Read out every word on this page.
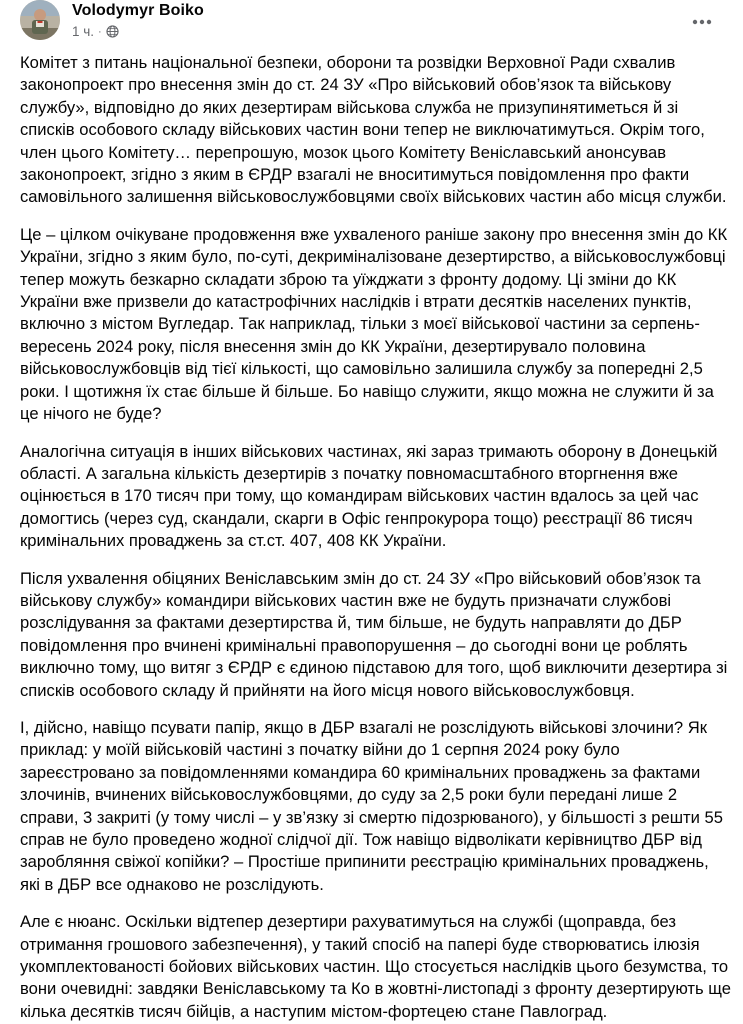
Volodymyr Boiko
1 ч. ·

Комітет з питань національної безпеки, оборони та розвідки Верховної Ради схвалив законопроект про внесення змін до ст. 24 ЗУ «Про військовий обов’язок та військову службу», відповідно до яких дезертирам військова служба не призупинятиметься й зі списків особового складу військових частин вони тепер не виключатимуться. Окрім того, член цього Комітету… перепрошую, мозок цього Комітету Веніславський анонсував законопроект, згідно з яким в ЄРДР взагалі не вноситимуться повідомлення про факти самовільного залишення військовослужбовцями своїх військових частин або місця служби.

Це – цілком очікуване продовження вже ухваленого раніше закону про внесення змін до КК України, згідно з яким було, по-суті, декриміналізоване дезертирство, а військовослужбовці тепер можуть безкарно складати зброю та уїжджати з фронту додому. Ці зміни до КК України вже призвели до катастрофічних наслідків і втрати десятків населених пунктів, включно з містом Вугледар. Так наприклад, тільки з моєї військової частини за серпень-вересень 2024 року, після внесення змін до КК України, дезертирувало половина військовослужбовців від тієї кількості, що самовільно залишила службу за попередні 2,5 роки. І щотижня їх стає більше й більше. Бо навіщо служити, якщо можна не служити й за це нічого не буде?

Аналогічна ситуація в інших військових частинах, які зараз тримають оборону в Донецькій області. А загальна кількість дезертирів з початку повномасштабного вторгнення вже оцінюється в 170 тисяч при тому, що командирам військових частин вдалось за цей час домогтись (через суд, скандали, скарги в Офіс генпрокурора тощо) реєстрації 86 тисяч кримінальних проваджень за ст.ст. 407, 408 КК України.

Після ухвалення обіцяних Веніславським змін до ст. 24 ЗУ «Про військовий обов’язок та військову службу» командири військових частин вже не будуть призначати службові розслідування за фактами дезертирства й, тим більше, не будуть направляти до ДБР повідомлення про вчинені кримінальні правопорушення – до сьогодні вони це роблять виключно тому, що витяг з ЄРДР є єдиною підставою для того, щоб виключити дезертира зі списків особового складу й прийняти на його місця нового військовослужбовця.

І, дійсно, навіщо псувати папір, якщо в ДБР взагалі не розслідують військові злочини? Як приклад: у моїй військовій частині з початку війни до 1 серпня 2024 року було зареєстровано за повідомленнями командира 60 кримінальних проваджень за фактами злочинів, вчинених військовослужбовцями, до суду за 2,5 роки були передані лише 2 справи, 3 закриті (у тому числі – у зв’язку зі смертю підозрюваного), у більшості з решти 55 справ не було проведено жодної слідчої дії. Тож навіщо відволікати керівництво ДБР від заробляння свіжої копійки? – Простіше припинити реєстрацію кримінальних проваджень, які в ДБР все однаково не розслідують.

Але є нюанс. Оскільки відтепер дезертири рахуватимуться на службі (щоправда, без отримання грошового забезпечення), у такий спосіб на папері буде створюватись ілюзія укомплектованості бойових військових частин. Що стосується наслідків цього безумства, то вони очевидні: завдяки Веніславському та Ко в жовтні-листопаді з фронту дезертирують ще кілька десятків тисяч бійців, а наступим містом-фортецею стане Павлоград.
